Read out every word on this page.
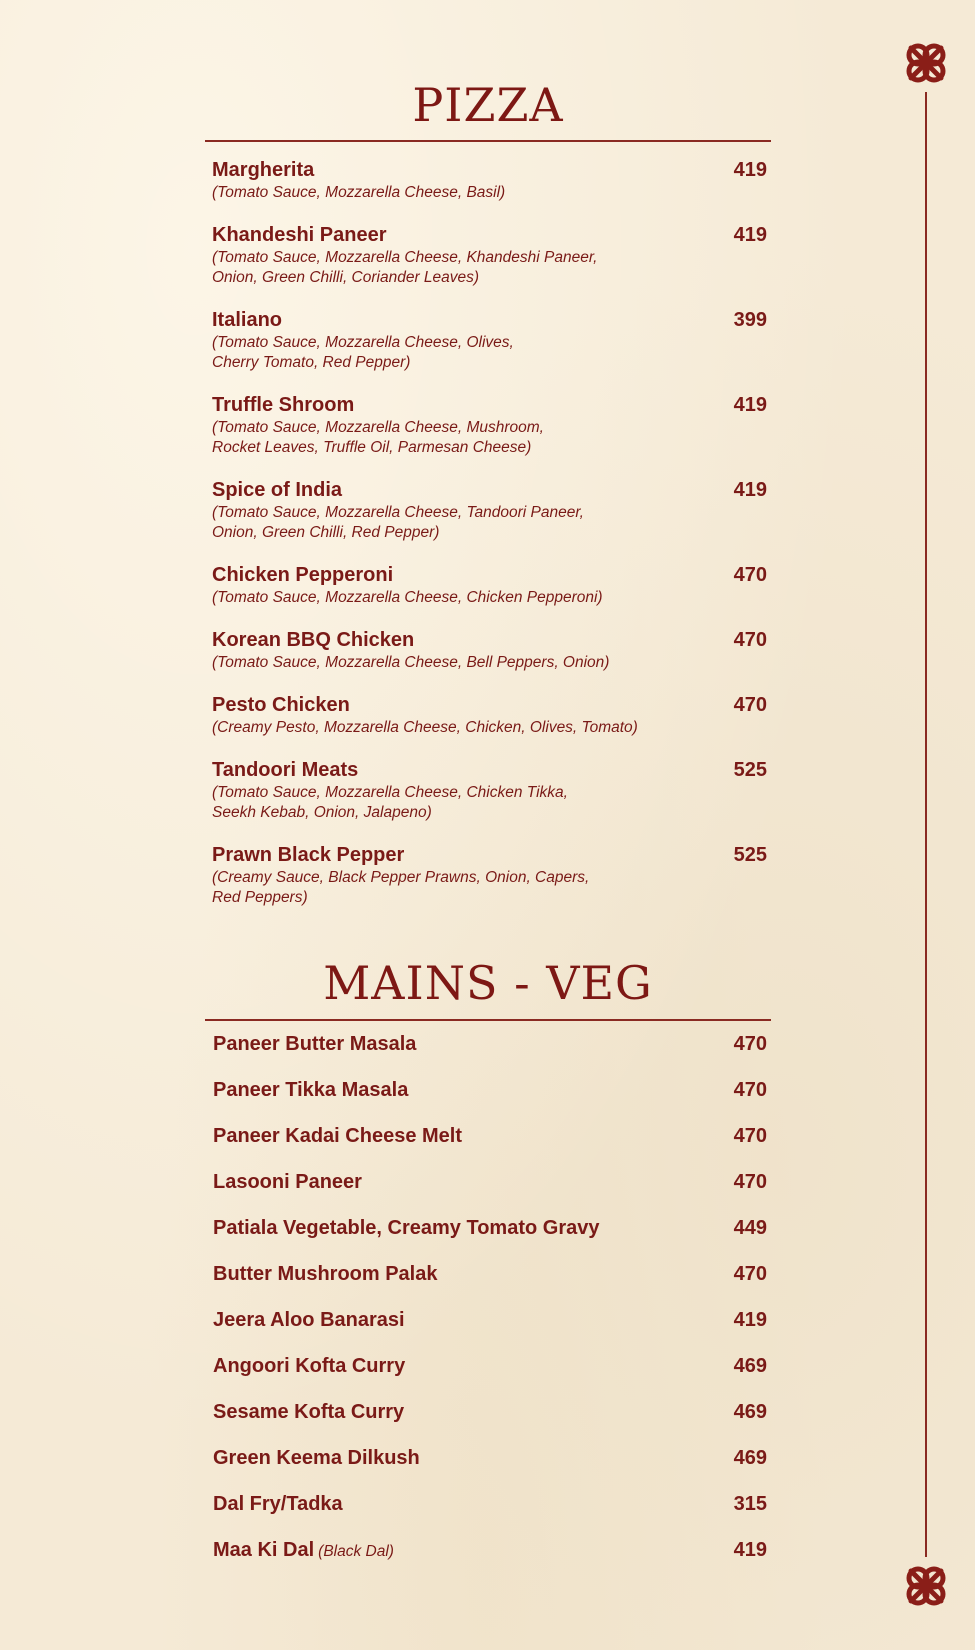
PIZZA
Margherita	419
(Tomato Sauce, Mozzarella Cheese, Basil)
Khandeshi Paneer	419
(Tomato Sauce, Mozzarella Cheese, Khandeshi Paneer,
Onion, Green Chilli, Coriander Leaves)
Italiano	399
(Tomato Sauce, Mozzarella Cheese, Olives,
Cherry Tomato, Red Pepper)
Truffle Shroom	419
(Tomato Sauce, Mozzarella Cheese, Mushroom,
Rocket Leaves, Truffle Oil, Parmesan Cheese)
Spice of India	419
(Tomato Sauce, Mozzarella Cheese, Tandoori Paneer,
Onion, Green Chilli, Red Pepper)
Chicken Pepperoni	470
(Tomato Sauce, Mozzarella Cheese, Chicken Pepperoni)
Korean BBQ Chicken	470
(Tomato Sauce, Mozzarella Cheese, Bell Peppers, Onion)
Pesto Chicken	470
(Creamy Pesto, Mozzarella Cheese, Chicken, Olives, Tomato)
Tandoori Meats	525
(Tomato Sauce, Mozzarella Cheese, Chicken Tikka,
Seekh Kebab, Onion, Jalapeno)
Prawn Black Pepper	525
(Creamy Sauce, Black Pepper Prawns, Onion, Capers,
Red Peppers)
MAINS - VEG
Paneer Butter Masala	470
Paneer Tikka Masala	470
Paneer Kadai Cheese Melt	470
Lasooni Paneer	470
Patiala Vegetable, Creamy Tomato Gravy	449
Butter Mushroom Palak	470
Jeera Aloo Banarasi	419
Angoori Kofta Curry	469
Sesame Kofta Curry	469
Green Keema Dilkush	469
Dal Fry/Tadka	315
Maa Ki Dal (Black Dal)	419
